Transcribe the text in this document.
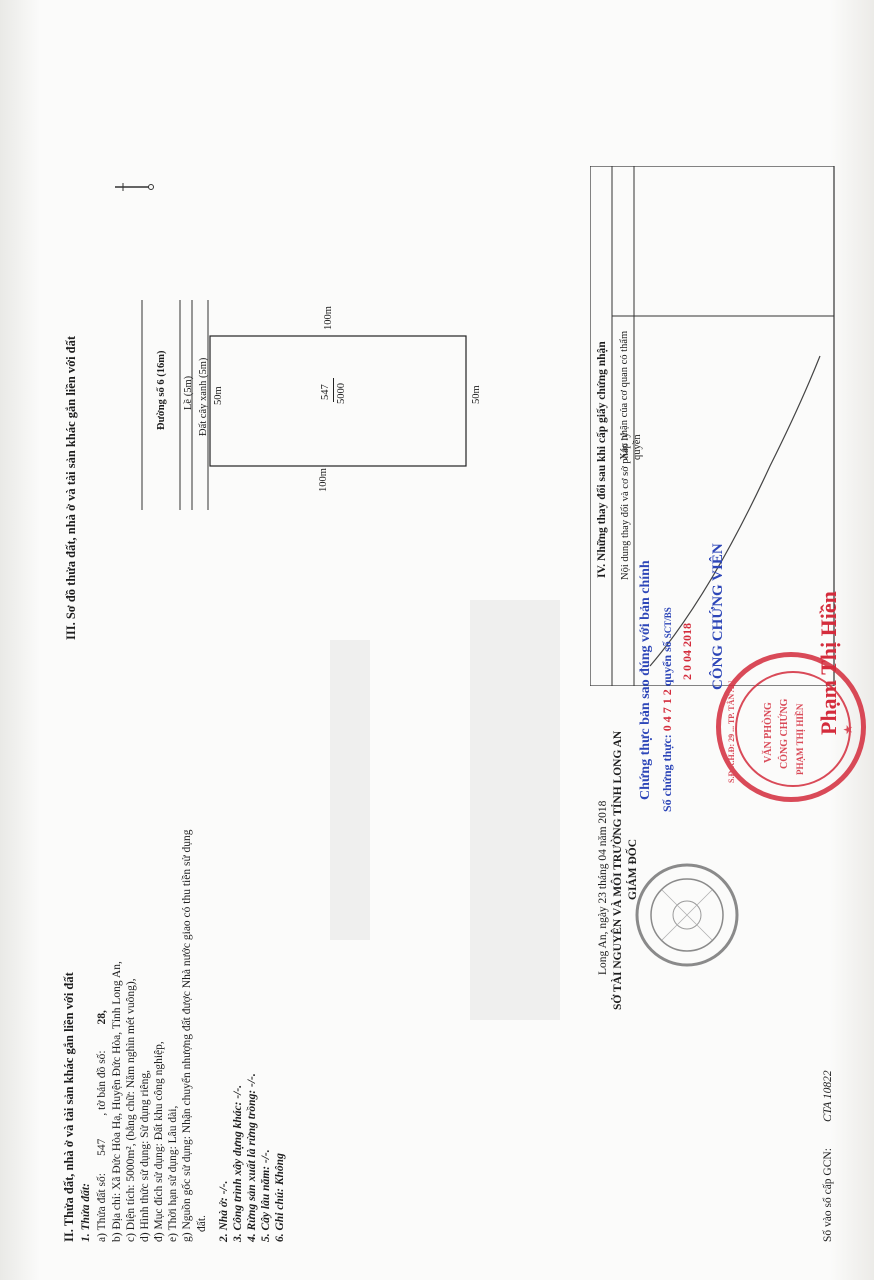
II. Thửa đất, nhà ở và tài sản khác gắn liền với đất 1. Thửa đất: a) Thửa đất số:      547        , tờ bản đồ số:         28, b) Địa chỉ: Xã Đức Hòa Hạ, Huyện Đức Hòa, Tỉnh Long An, c) Diện tích: 5000m², (bằng chữ: Năm nghìn mét vuông), d) Hình thức sử dụng: Sử dụng riêng, đ) Mục đích sử dụng: Đất khu công nghiệp, e) Thời hạn sử dụng: Lâu dài, g) Nguồn gốc sử dụng: Nhận chuyển nhượng đất được Nhà nước giao có thu tiền sử dụng đất. 2. Nhà ở: -/-. 3. Công trình xây dựng khác: -/-. 4. Rừng sản xuất là rừng trồng: -/-. 5. Cây lâu năm: -/-. 6. Ghi chú: Không
Long An, ngày 23 tháng 04 năm 2018 SỞ TÀI NGUYÊN VÀ MÔI TRƯỜNG TỈNH LONG AN GIÁM ĐỐC
Số vào sổ cấp GCN:
CTA 10822
III. Sơ đồ thửa đất, nhà ở và tài sản khác gắn liền với đất	Đường số 6 (16m) Lề (5m) Đất cây xanh (5m) 50m	50m
100m
100m
547 5000	IV. Những thay đổi sau khi cấp giấy chứng nhận Nội dung thay đổi và cơ sở pháp lý
Xác nhận của cơ quan có thẩm quyền
Chứng thực bản sao đúng với bản chính Số chứng thực: 0 4 7 1 2 quyển số SCT/BS
2 0 04 2018 CÔNG CHỨNG VIÊN
VĂN PHÒNG CÔNG CHỨNG PHẠM THỊ HIỀN	★
S.Đ.K.H.Đ: 29 ... TP. TÂN AN	Phạm Thị Hiền
